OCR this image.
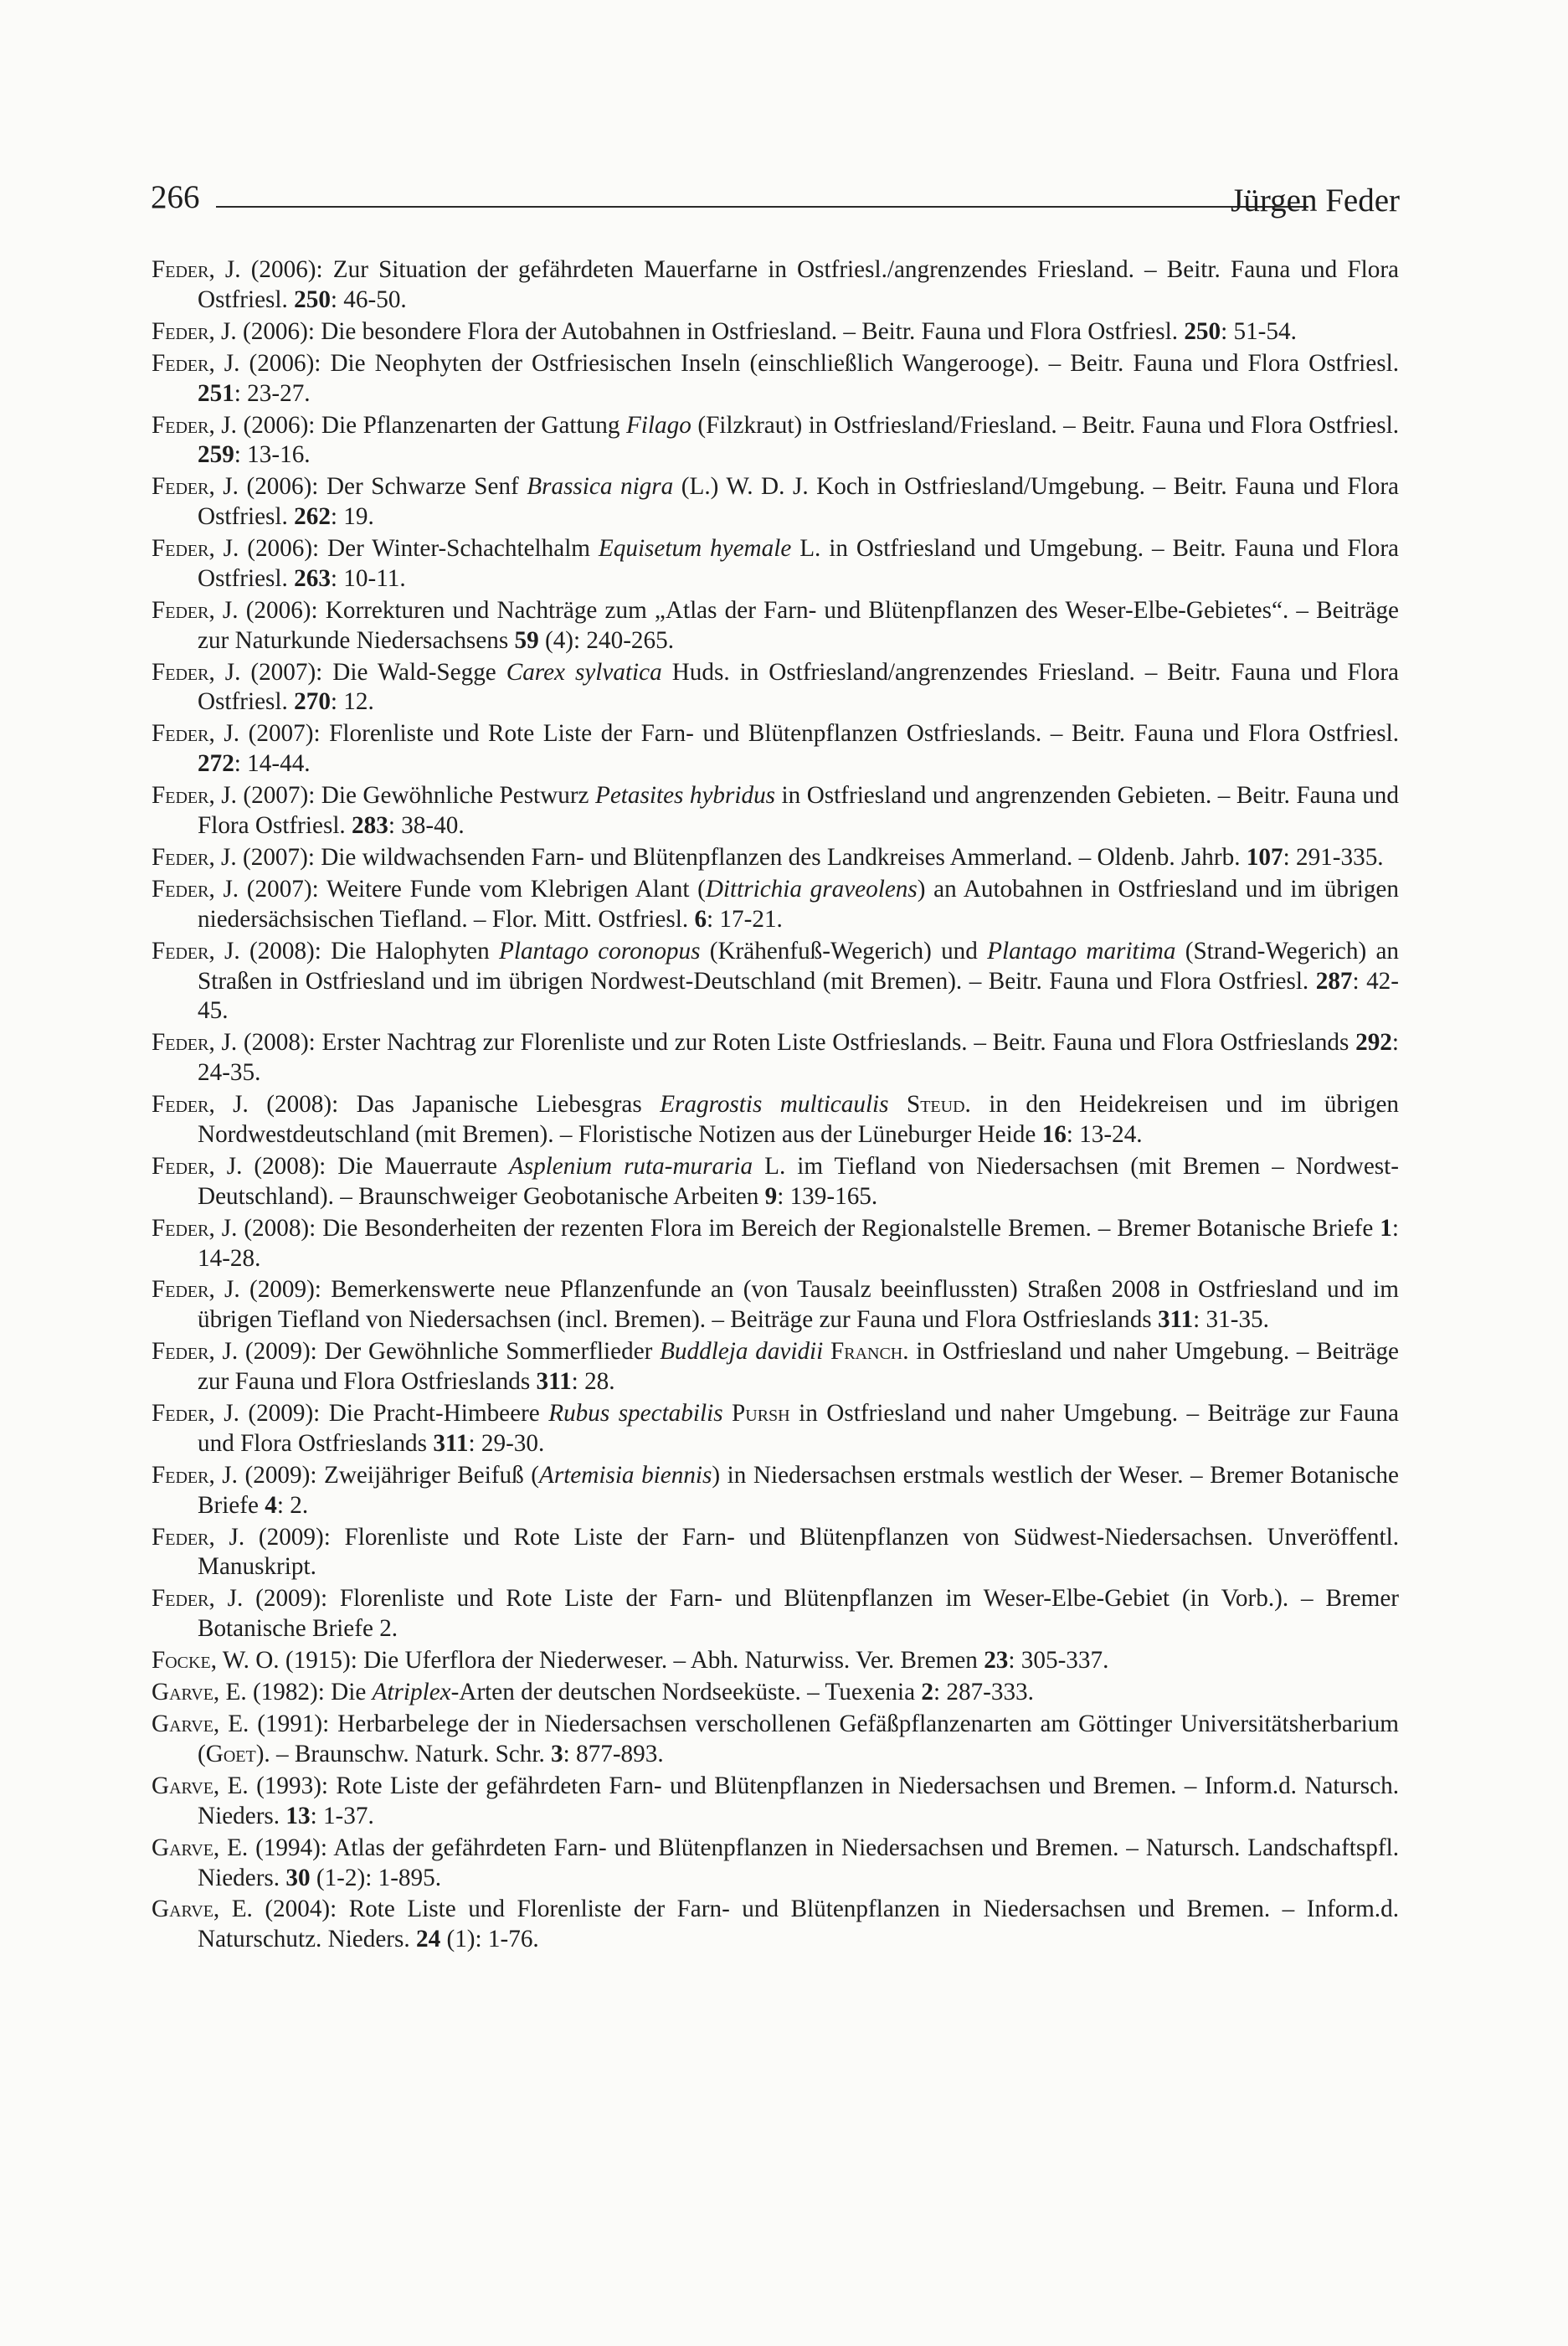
266	Jürgen Feder

Feder, J. (2006): Zur Situation der gefährdeten Mauerfarne in Ostfriesl./angrenzendes Friesland. – Beitr. Fauna und Flora Ostfriesl. 250: 46-50.

Feder, J. (2006): Die besondere Flora der Autobahnen in Ostfriesland. – Beitr. Fauna und Flora Ostfriesl. 250: 51-54.

Feder, J. (2006): Die Neophyten der Ostfriesischen Inseln (einschließlich Wangerooge). – Beitr. Fauna und Flora Ostfriesl. 251: 23-27.

Feder, J. (2006): Die Pflanzenarten der Gattung Filago (Filzkraut) in Ostfriesland/Friesland. – Beitr. Fauna und Flora Ostfriesl. 259: 13-16.

Feder, J. (2006): Der Schwarze Senf Brassica nigra (L.) W. D. J. Koch in Ostfriesland/Umgebung. – Beitr. Fauna und Flora Ostfriesl. 262: 19.

Feder, J. (2006): Der Winter-Schachtelhalm Equisetum hyemale L. in Ostfriesland und Umgebung. – Beitr. Fauna und Flora Ostfriesl. 263: 10-11.

Feder, J. (2006): Korrekturen und Nachträge zum „Atlas der Farn- und Blütenpflanzen des Weser-Elbe-Gebietes“. – Beiträge zur Naturkunde Niedersachsens 59 (4): 240-265.

Feder, J. (2007): Die Wald-Segge Carex sylvatica Huds. in Ostfriesland/angrenzendes Friesland. – Beitr. Fauna und Flora Ostfriesl. 270: 12.

Feder, J. (2007): Florenliste und Rote Liste der Farn- und Blütenpflanzen Ostfrieslands. – Beitr. Fauna und Flora Ostfriesl. 272: 14-44.

Feder, J. (2007): Die Gewöhnliche Pestwurz Petasites hybridus in Ostfriesland und angrenzenden Gebieten. – Beitr. Fauna und Flora Ostfriesl. 283: 38-40.

Feder, J. (2007): Die wildwachsenden Farn- und Blütenpflanzen des Landkreises Ammerland. – Oldenb. Jahrb. 107: 291-335.

Feder, J. (2007): Weitere Funde vom Klebrigen Alant (Dittrichia graveolens) an Autobahnen in Ostfriesland und im übrigen niedersächsischen Tiefland. – Flor. Mitt. Ostfriesl. 6: 17-21.

Feder, J. (2008): Die Halophyten Plantago coronopus (Krähenfuß-Wegerich) und Plantago maritima (Strand-Wegerich) an Straßen in Ostfriesland und im übrigen Nordwest-Deutschland (mit Bremen). – Beitr. Fauna und Flora Ostfriesl. 287: 42-45.

Feder, J. (2008): Erster Nachtrag zur Florenliste und zur Roten Liste Ostfrieslands. – Beitr. Fauna und Flora Ostfrieslands 292: 24-35.

Feder, J. (2008): Das Japanische Liebesgras Eragrostis multicaulis Steud. in den Heidekreisen und im übrigen Nordwestdeutschland (mit Bremen). – Floristische Notizen aus der Lüneburger Heide 16: 13-24.

Feder, J. (2008): Die Mauerraute Asplenium ruta-muraria L. im Tiefland von Niedersachsen (mit Bremen – Nordwest-Deutschland). – Braunschweiger Geobotanische Arbeiten 9: 139-165.

Feder, J. (2008): Die Besonderheiten der rezenten Flora im Bereich der Regionalstelle Bremen. – Bremer Botanische Briefe 1: 14-28.

Feder, J. (2009): Bemerkenswerte neue Pflanzenfunde an (von Tausalz beeinflussten) Straßen 2008 in Ostfriesland und im übrigen Tiefland von Niedersachsen (incl. Bremen). – Beiträge zur Fauna und Flora Ostfrieslands 311: 31-35.

Feder, J. (2009): Der Gewöhnliche Sommerflieder Buddleja davidii Franch. in Ostfriesland und naher Umgebung. – Beiträge zur Fauna und Flora Ostfrieslands 311: 28.

Feder, J. (2009): Die Pracht-Himbeere Rubus spectabilis Pursh in Ostfriesland und naher Umgebung. – Beiträge zur Fauna und Flora Ostfrieslands 311: 29-30.

Feder, J. (2009): Zweijähriger Beifuß (Artemisia biennis) in Niedersachsen erstmals westlich der Weser. – Bremer Botanische Briefe 4: 2.

Feder, J. (2009): Florenliste und Rote Liste der Farn- und Blütenpflanzen von Südwest-Niedersachsen. Unveröffentl. Manuskript.

Feder, J. (2009): Florenliste und Rote Liste der Farn- und Blütenpflanzen im Weser-Elbe-Gebiet (in Vorb.). – Bremer Botanische Briefe 2.

Focke, W. O. (1915): Die Uferflora der Niederweser. – Abh. Naturwiss. Ver. Bremen 23: 305-337.

Garve, E. (1982): Die Atriplex-Arten der deutschen Nordseeküste. – Tuexenia 2: 287-333.

Garve, E. (1991): Herbarbelege der in Niedersachsen verschollenen Gefäßpflanzenarten am Göttinger Universitätsherbarium (Goet). – Braunschw. Naturk. Schr. 3: 877-893.

Garve, E. (1993): Rote Liste der gefährdeten Farn- und Blütenpflanzen in Niedersachsen und Bremen. – Inform.d. Natursch. Nieders. 13: 1-37.

Garve, E. (1994): Atlas der gefährdeten Farn- und Blütenpflanzen in Niedersachsen und Bremen. – Natursch. Landschaftspfl. Nieders. 30 (1-2): 1-895.

Garve, E. (2004): Rote Liste und Florenliste der Farn- und Blütenpflanzen in Niedersachsen und Bremen. – Inform.d. Naturschutz. Nieders. 24 (1): 1-76.
